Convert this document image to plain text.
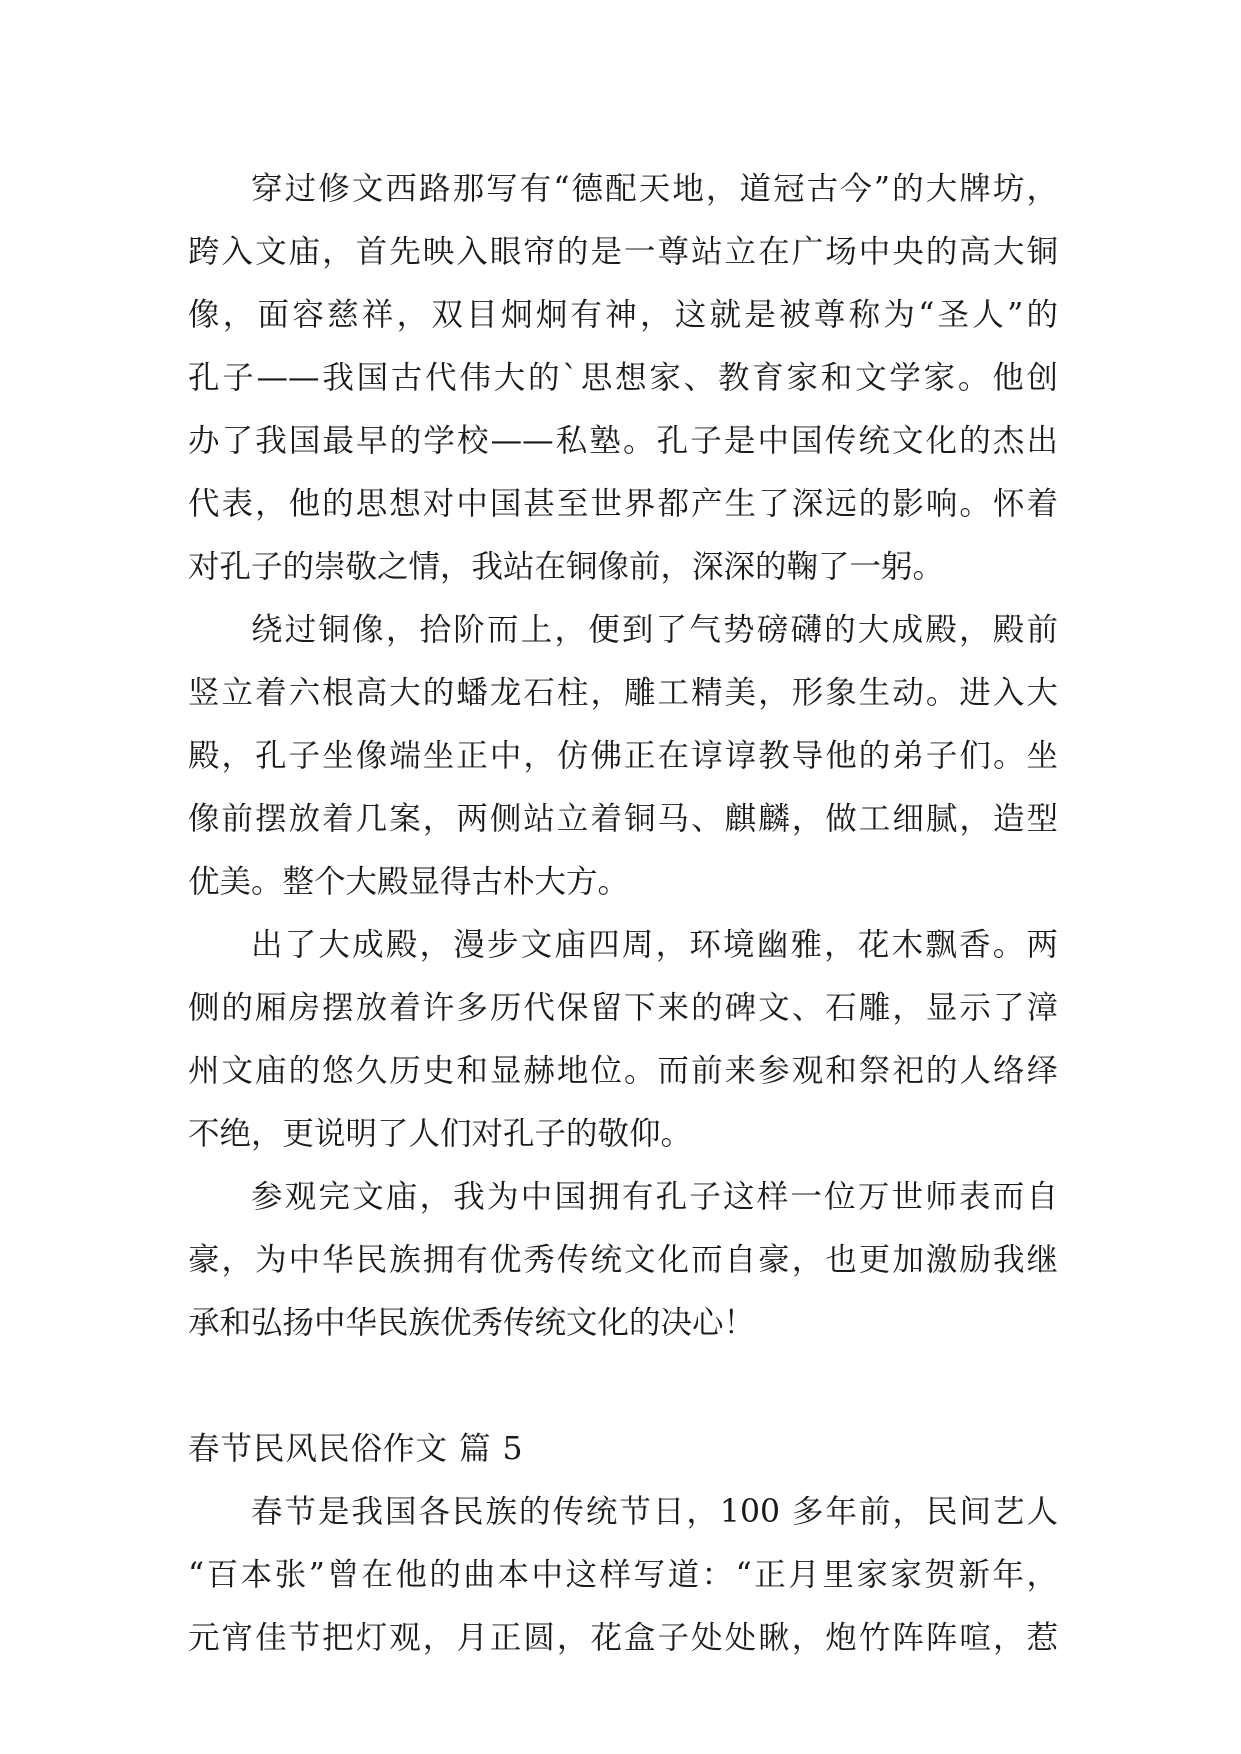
穿过修文西路那写有“德配天地，道冠古今”的大牌坊，
跨入文庙，首先映入眼帘的是一尊站立在广场中央的高大铜
像，面容慈祥，双目炯炯有神，这就是被尊称为“圣人”的
孔子——我国古代伟大的`思想家、教育家和文学家。他创
办了我国最早的学校——私塾。孔子是中国传统文化的杰出
代表，他的思想对中国甚至世界都产生了深远的影响。怀着
对孔子的崇敬之情，我站在铜像前，深深的鞠了一躬。
绕过铜像，拾阶而上，便到了气势磅礴的大成殿，殿前
竖立着六根高大的蟠龙石柱，雕工精美，形象生动。进入大
殿，孔子坐像端坐正中，仿佛正在谆谆教导他的弟子们。坐
像前摆放着几案，两侧站立着铜马、麒麟，做工细腻，造型
优美。整个大殿显得古朴大方。
出了大成殿，漫步文庙四周，环境幽雅，花木飘香。两
侧的厢房摆放着许多历代保留下来的碑文、石雕，显示了漳
州文庙的悠久历史和显赫地位。而前来参观和祭祀的人络绎
不绝，更说明了人们对孔子的敬仰。
参观完文庙，我为中国拥有孔子这样一位万世师表而自
豪，为中华民族拥有优秀传统文化而自豪，也更加激励我继
承和弘扬中华民族优秀传统文化的决心！
春节民风民俗作文 篇 5
春节是我国各民族的传统节日，100 多年前，民间艺人
“百本张”曾在他的曲本中这样写道：“正月里家家贺新年，
元宵佳节把灯观，月正圆，花盒子处处瞅，炮竹阵阵喧，惹
